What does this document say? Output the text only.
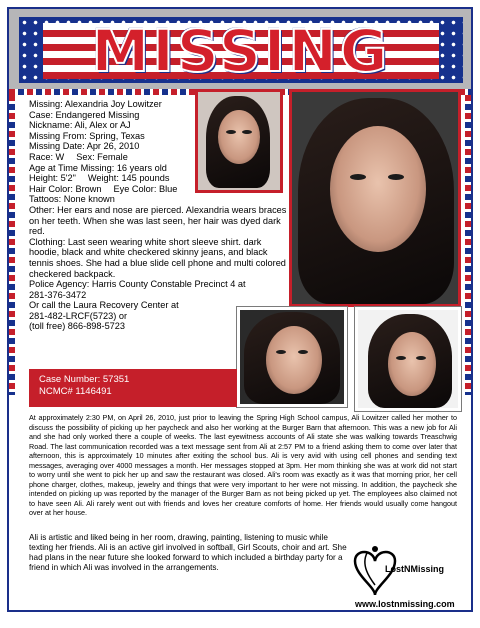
MISSING
Missing: Alexandria Joy Lowitzer
Case: Endangered Missing
Nickname: Ali, Alex or AJ
Missing From: Spring, Texas
Missing Date: Apr 26, 2010
Race: W Sex: Female
Age at Time Missing: 16 years old
Height: 5'2" Weight: 145 pounds
Hair Color: Brown Eye Color: Blue
Tattoos: None known
Other: Her ears and nose are pierced. Alexandria wears braces on her teeth. When she was last seen, her hair was dyed dark red.
Clothing: Last seen wearing white short sleeve shirt. dark hoodie, black and white checkered skinny jeans, and black tennis shoes. She had a blue slide cell phone and multi colored checkered backpack.
Police Agency: Harris County Constable Precinct 4 at
281-376-3472
Or call the Laura Recovery Center at
281-482-LRCF(5723) or
(toll free) 866-898-5723
Case Number: 57351
NCMC# 1146491
At approximately 2:30 PM, on April 26, 2010, just prior to leaving the Spring High School campus, Ali Lowitzer called her mother to discuss the possibility of picking up her paycheck and also her working at the Burger Barn that afternoon. This was a new job for Ali and she had only worked there a couple of weeks. The last eyewitness accounts of Ali state she was walking towards Treaschwig Road. The last communication recorded was a text message sent from Ali at 2:57 PM to a friend asking them to come over later that afternoon, this is approximately 10 minutes after exiting the school bus. Ali is very avid with using cell phones and sending text messages, averaging over 4000 messages a month. Her messages stopped at 3pm. Her mom thinking she was at work did not start to worry until she went to pick her up and saw the restaurant was closed. Ali's room was exactly as it was that morning prior, her cell phone charger, clothes, makeup, jewelry and things that were very important to her were not missing. In addition, the paycheck she intended on picking up was reported by the manager of the Burger Barn as not being picked up yet. The employees also claimed not to have seen Ali. Ali rarely went out with friends and loves her creature comforts of home. Her friends would usually come hangout over at her house.
Ali is artistic and liked being in her room, drawing, painting, listening to music while texting her friends. Ali is an active girl involved in softball, Girl Scouts, choir and art. She had plans in the near future she looked forward to which included a birthday party for a friend in which Ali was involved in the arrangements.	LostNMissing
www.lostnmissing.com
